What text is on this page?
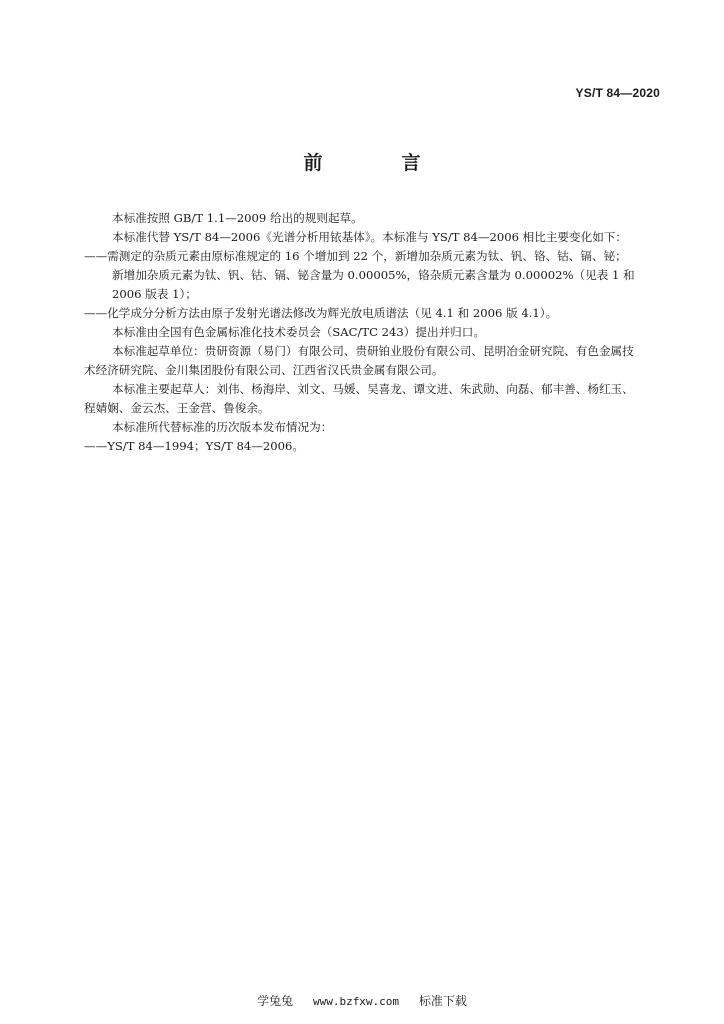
YS/T 84—2020
前　言
本标准按照 GB/T 1.1—2009 给出的规则起草。
本标准代替 YS/T 84—2006《光谱分析用铱基体》。本标准与 YS/T 84—2006 相比主要变化如下：
——需测定的杂质元素由原标准规定的 16 个增加到 22 个，新增加杂质元素为钛、钒、铬、钴、镉、铋；
新增加杂质元素为钛、钒、钴、镉、铋含量为 0.00005%，铬杂质元素含量为 0.00002%（见表 1 和
2006 版表 1）；
——化学成分分析方法由原子发射光谱法修改为辉光放电质谱法（见 4.1 和 2006 版 4.1）。
本标准由全国有色金属标准化技术委员会（SAC/TC 243）提出并归口。
本标准起草单位：贵研资源（易门）有限公司、贵研铂业股份有限公司、昆明冶金研究院、有色金属技
术经济研究院、金川集团股份有限公司、江西省汉氏贵金属有限公司。
本标准主要起草人：刘伟、杨海岸、刘文、马媛、吴喜龙、谭文进、朱武勋、向磊、郁丰善、杨红玉、
程婧娴、金云杰、王金营、鲁俊余。
本标准所代替标准的历次版本发布情况为：
——YS/T 84—1994；YS/T 84—2006。
学兔兔 www.bzfxw.com 标准下载
